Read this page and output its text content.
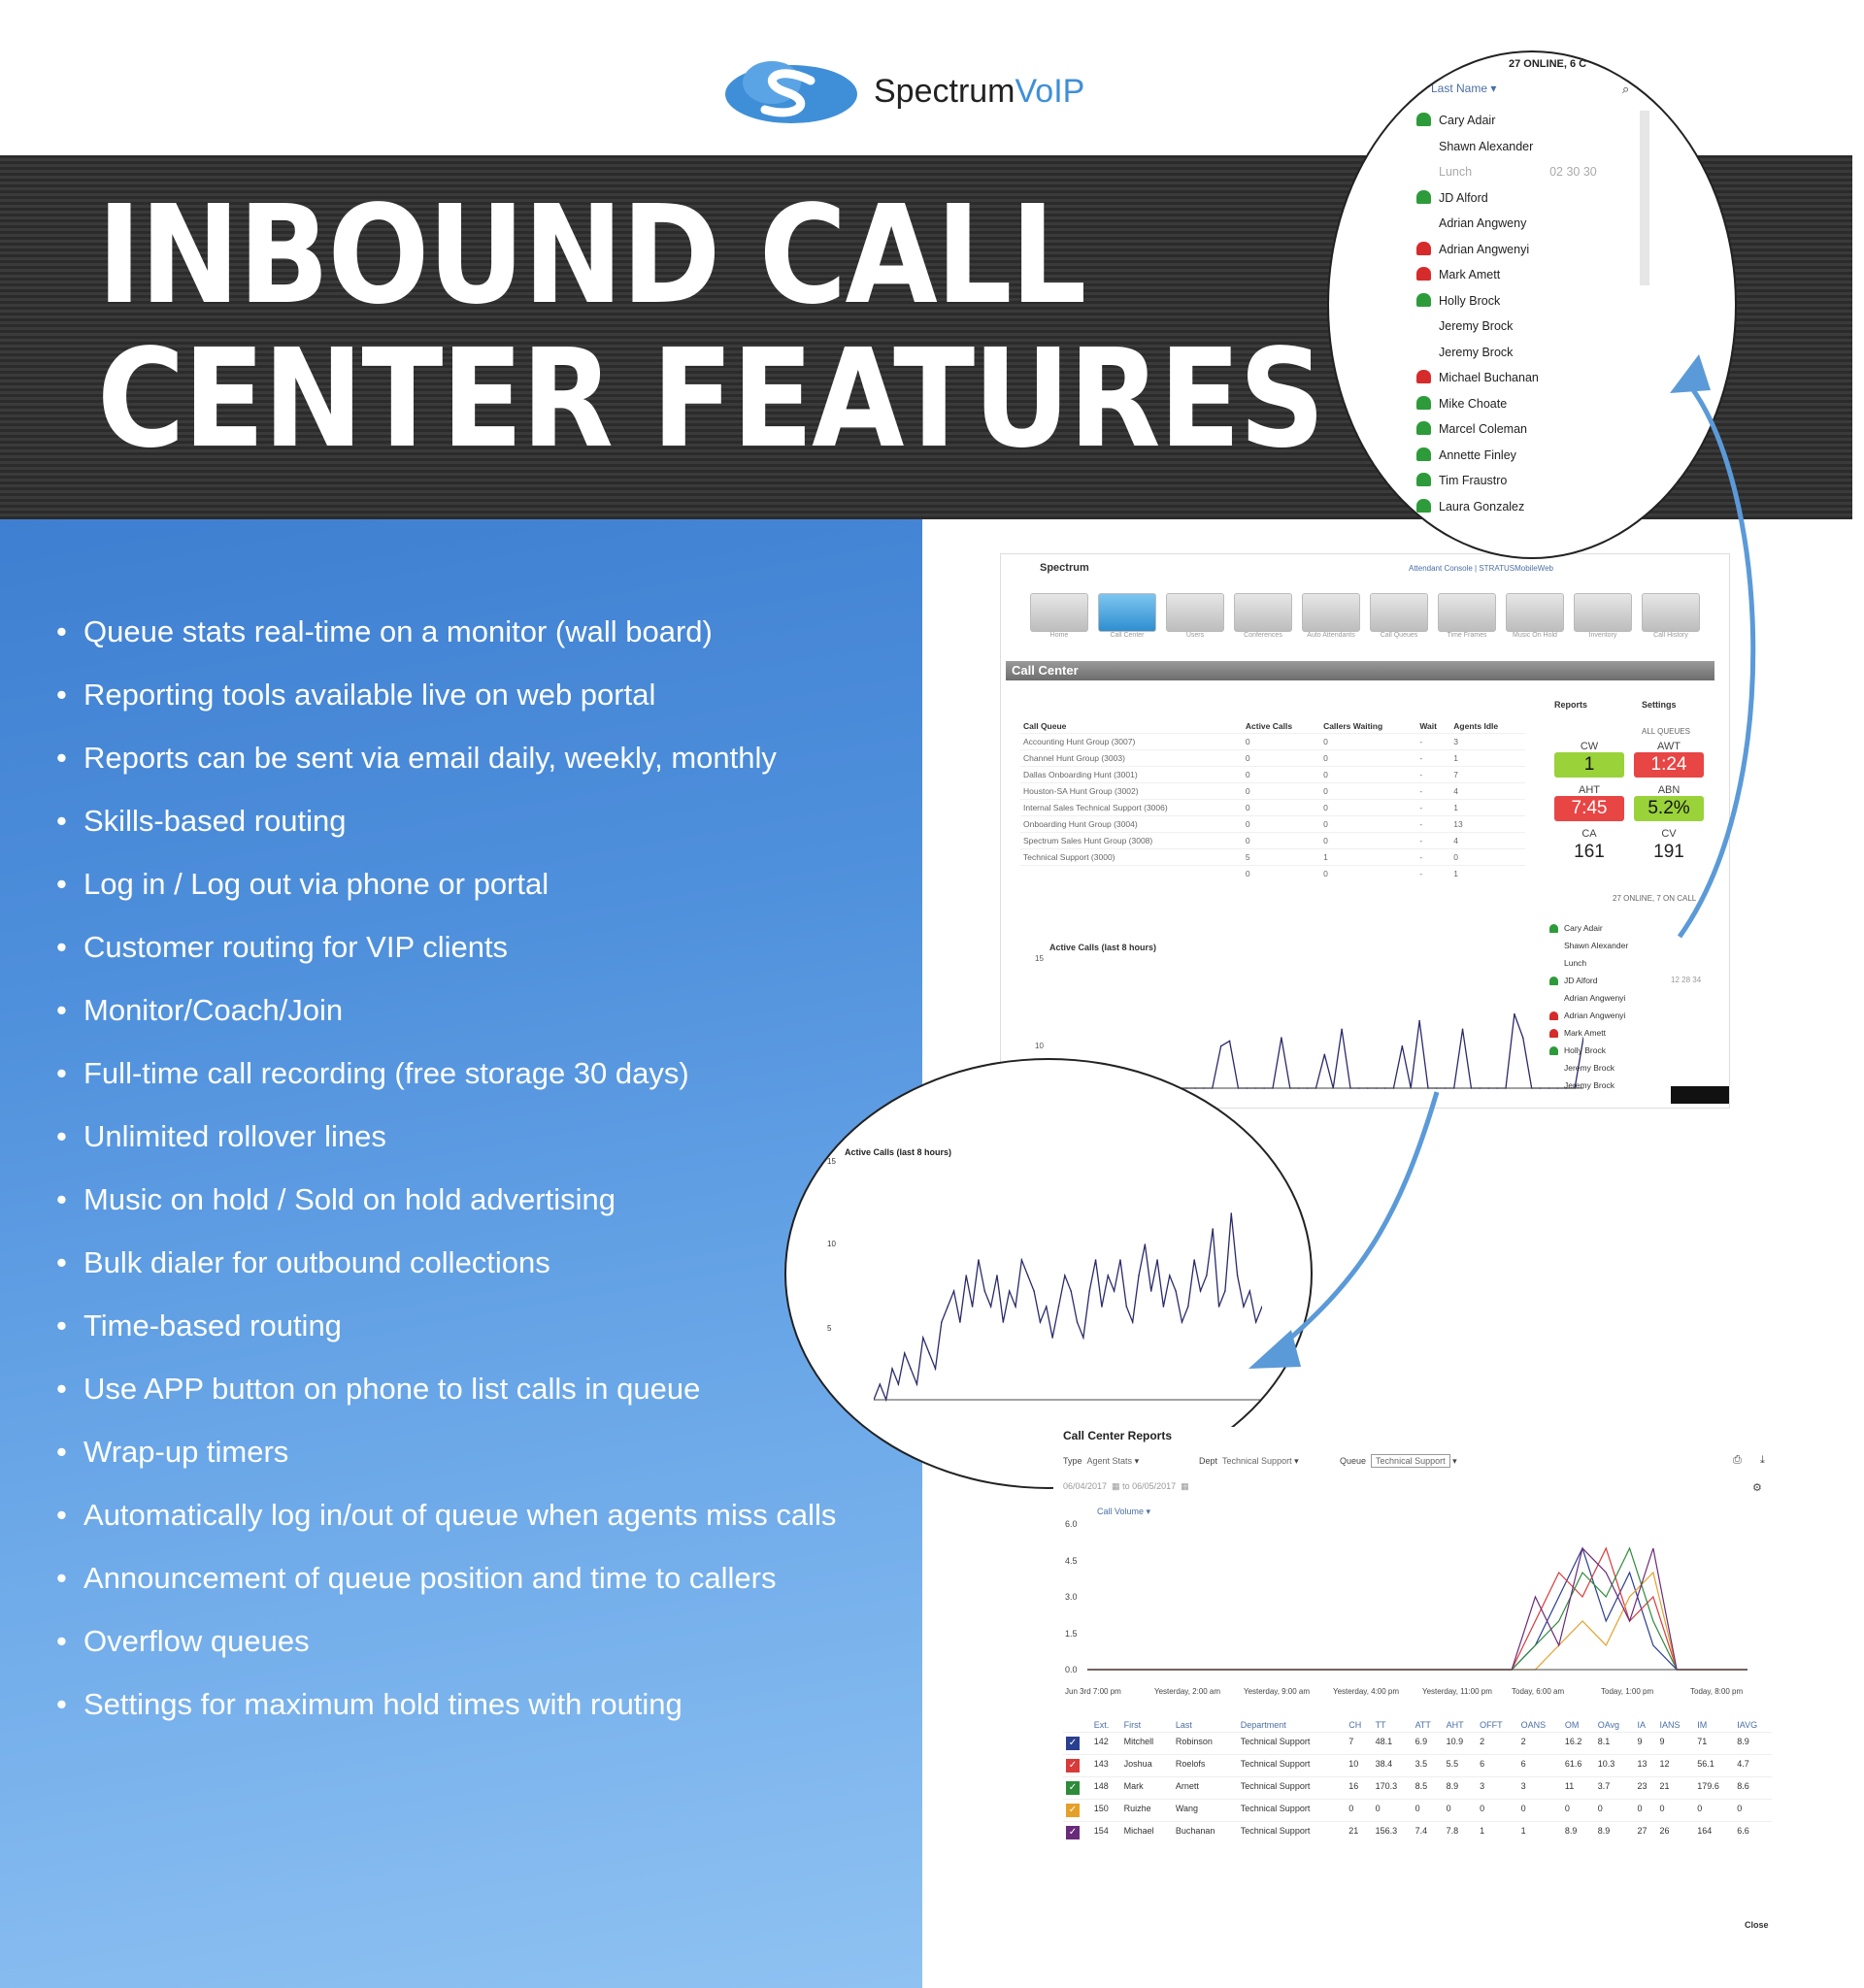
SpectrumVoIP
INBOUND CALL
CENTER FEATURES
• Queue stats real-time on a monitor (wall board)
• Reporting tools available live on web portal
• Reports can be sent via email daily, weekly, monthly
• Skills-based routing
• Log in / Log out via phone or portal
• Customer routing for VIP clients
• Monitor/Coach/Join
• Full-time call recording (free storage 30 days)
• Unlimited rollover lines
• Music on hold / Sold on hold advertising
• Bulk dialer for outbound collections
• Time-based routing
• Use APP button on phone to list calls in queue
• Wrap-up timers
• Automatically log in/out of queue when agents miss calls
• Announcement of queue position and time to callers
• Overflow queues
• Settings for maximum hold times with routing
Spectrum	Attendant Console | STRATUSMobileWeb
Home	Call Center	Users	Conferences	Auto Attendants	Call Queues	Time Frames	Music On Hold	Inventory	Call History
Call Center
Reports	Settings
Call Queue	Active Calls	Callers Waiting	Wait	Agents Idle
Accounting Hunt Group (3007)	0	0	-	3
Channel Hunt Group (3003)	0	0	-	1
Dallas Onboarding Hunt (3001)	0	0	-	7
Houston-SA Hunt Group (3002)	0	0	-	4
Internal Sales Technical Support (3006)	0	0	-	1
Onboarding Hunt Group (3004)	0	0	-	13
Spectrum Sales Hunt Group (3008)	0	0	-	4
Technical Support (3000)	5	1	-	0
	0	0	-	1
ALL QUEUES
27 ONLINE, 7 ON CALL
Active Calls (last 8 hours)
15
10
CW
1
AWT
1:24
AHT
7:45
ABN
5.2%
CA
161
CV
191
Cary Adair
Shawn Alexander
Lunch
JD Alford
Adrian Angwenyi
Adrian Angwenyi
Mark Amett
Holly Brock
Jeremy Brock
Jeremy Brock
12 28 34
27 ONLINE, 6 C
Last Name ▾	⌕
Cary Adair
Shawn Alexander
Lunch	02 30 30
JD Alford
Adrian Angweny
Adrian Angwenyi
Mark Amett
Holly Brock
Jeremy Brock
Jeremy Brock
Michael Buchanan
Mike Choate
Marcel Coleman
Annette Finley
Tim Fraustro
Laura Gonzalez
Active Calls (last 8 hours)
15
10
5
Call Center Reports
Type Agent Stats ▾	Dept Technical Support ▾	Queue Technical Support ▾	⎙ ⤓
06/04/2017  ▦ to 06/05/2017  ▦	⚙
Call Volume ▾
	Ext.	First	Last	Department	CH	TT	ATT	AHT	OFFT	OANS	OM	OAvg	IA	IANS	IM	IAVG
✓	142	Mitchell	Robinson	Technical Support	7	48.1	6.9	10.9	2	2	16.2	8.1	9	9	71	8.9
✓	143	Joshua	Roelofs	Technical Support	10	38.4	3.5	5.5	6	6	61.6	10.3	13	12	56.1	4.7
✓	148	Mark	Arnett	Technical Support	16	170.3	8.5	8.9	3	3	11	3.7	23	21	179.6	8.6
✓	150	Ruizhe	Wang	Technical Support	0	0	0	0	0	0	0	0	0	0	0	0
✓	154	Michael	Buchanan	Technical Support	21	156.3	7.4	7.8	1	1	8.9	8.9	27	26	164	6.6
Close
6.0
4.5
3.0
1.5
0.0
Jun 3rd 7:00 pm	Yesterday, 2:00 am	Yesterday, 9:00 am	Yesterday, 4:00 pm	Yesterday, 11:00 pm	Today, 6:00 am	Today, 1:00 pm	Today, 8:00 pm
